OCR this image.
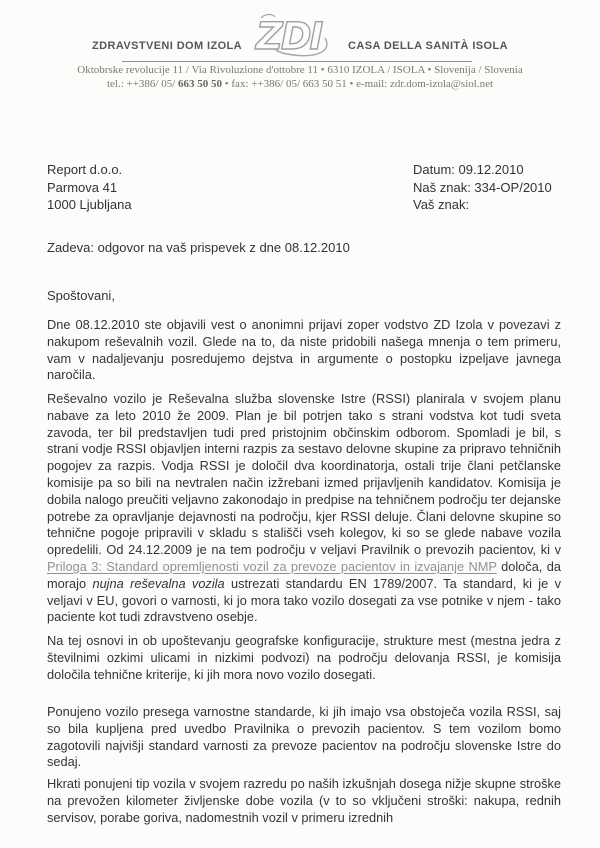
ZDRAVSTVENI DOM IZOLA ZDI CASA DELLA SANITÀ ISOLA
Oktobrske revolucije 11 / Via Rivoluzione d'ottobre 11 • 6310 IZOLA / ISOLA • Slovenija / Slovenia
tel.: ++386/ 05/ 663 50 50 • fax: ++386/ 05/ 663 50 51 • e-mail: zdr.dom-izola@siol.net
Report d.o.o.
Parmova 41
1000 Ljubljana
Datum: 09.12.2010
Naš znak: 334-OP/2010
Vaš znak:
Zadeva: odgovor na vaš prispevek z dne 08.12.2010
Spoštovani,

Dne 08.12.2010 ste objavili vest o anonimni prijavi zoper vodstvo ZD Izola v povezavi z nakupom reševalnih vozil. Glede na to, da niste pridobili našega mnenja o tem primeru, vam v nadaljevanju posredujemo dejstva in argumente o postopku izpeljave javnega naročila.

Reševalno vozilo je Reševalna služba slovenske Istre (RSSI) planirala v svojem planu nabave za leto 2010 že 2009. Plan je bil potrjen tako s strani vodstva kot tudi sveta zavoda, ter bil predstavljen tudi pred pristojnim občinskim odborom. Spomladi je bil, s strani vodje RSSI objavljen interni razpis za sestavo delovne skupine za pripravo tehničnih pogojev za razpis. Vodja RSSI je določil dva koordinatorja, ostali trije člani petčlanske komisije pa so bili na nevtralen način izžrebani izmed prijavljenih kandidatov. Komisija je dobila nalogo preučiti veljavno zakonodajo in predpise na tehničnem področju ter dejanske potrebe za opravljanje dejavnosti na področju, kjer RSSI deluje. Člani delovne skupine so tehnične pogoje pripravili v skladu s stališči vseh kolegov, ki so se glede nabave vozila opredelili. Od 24.12.2009 je na tem področju v veljavi Pravilnik o prevozih pacientov, ki v Priloga 3: Standard opremljenosti vozil za prevoze pacientov in izvajanje NMP določa, da morajo nujna reševalna vozila ustrezati standardu EN 1789/2007. Ta standard, ki je v veljavi v EU, govori o varnosti, ki jo mora tako vozilo dosegati za vse potnike v njem - tako paciente kot tudi zdravstveno osebje.

Na tej osnovi in ob upoštevanju geografske konfiguracije, strukture mest (mestna jedra z številnimi ozkimi ulicami in nizkimi podvozi) na področju delovanja RSSI, je komisija določila tehnične kriterije, ki jih mora novo vozilo dosegati.

Ponujeno vozilo presega varnostne standarde, ki jih imajo vsa obstoječa vozila RSSI, saj so bila kupljena pred uvedbo Pravilnika o prevozih pacientov. S tem vozilom bomo zagotovili najvišji standard varnosti za prevoze pacientov na področju slovenske Istre do sedaj.

Hkrati ponujeni tip vozila v svojem razredu po naših izkušnjah dosega nižje skupne stroške na prevožen kilometer življenske dobe vozila (v to so vključeni stroški: nakupa, rednih servisov, porabe goriva, nadomestnih vozil v primeru izrednih
